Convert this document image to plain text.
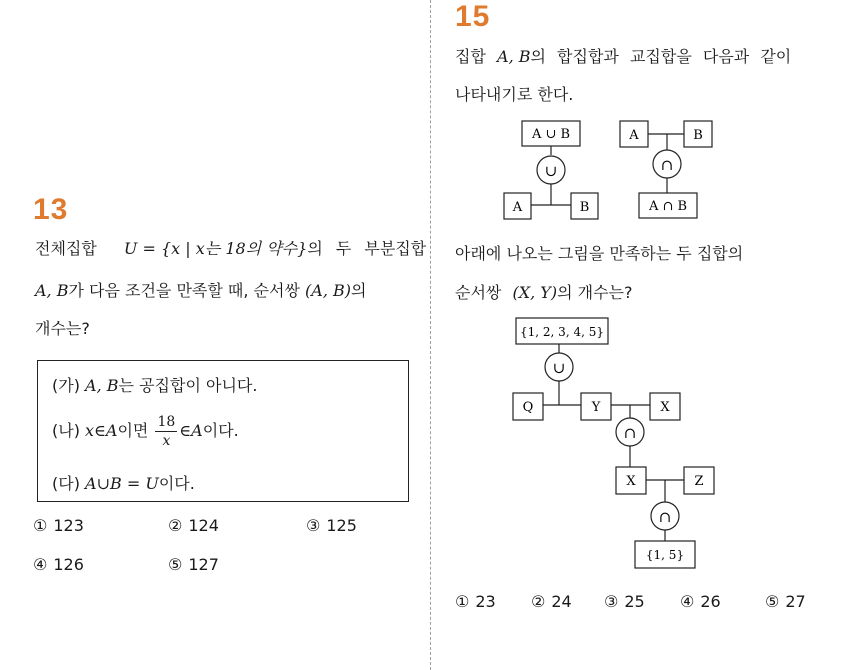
13
전체집합 U = {x | x는 18의 약수}의 두 부분집합
A, B가 다음 조건을 만족할 때, 순서쌍 (A, B)의
개수는?
(가) A, B는 공집합이 아니다.
(나) x∈A이면 $\frac{18}{x}$ ∈A이다.
(다) A∪B = U이다.
① 123	② 124	③ 125
④ 126	⑤ 127
15
집합 A, B의 합집합과 교집합을 다음과 같이
나타내기로 한다.
A ∪ B
∪
A	B
A	B
∩
A ∩ B
아래에 나오는 그림을 만족하는 두 집합의
순서쌍 (X, Y)의 개수는?
{1, 2, 3, 4, 5}
∪
Q	Y	X
∩
X	Z
∩
{1, 5}
① 23 ② 24 ③ 25 ④ 26	⑤ 27
